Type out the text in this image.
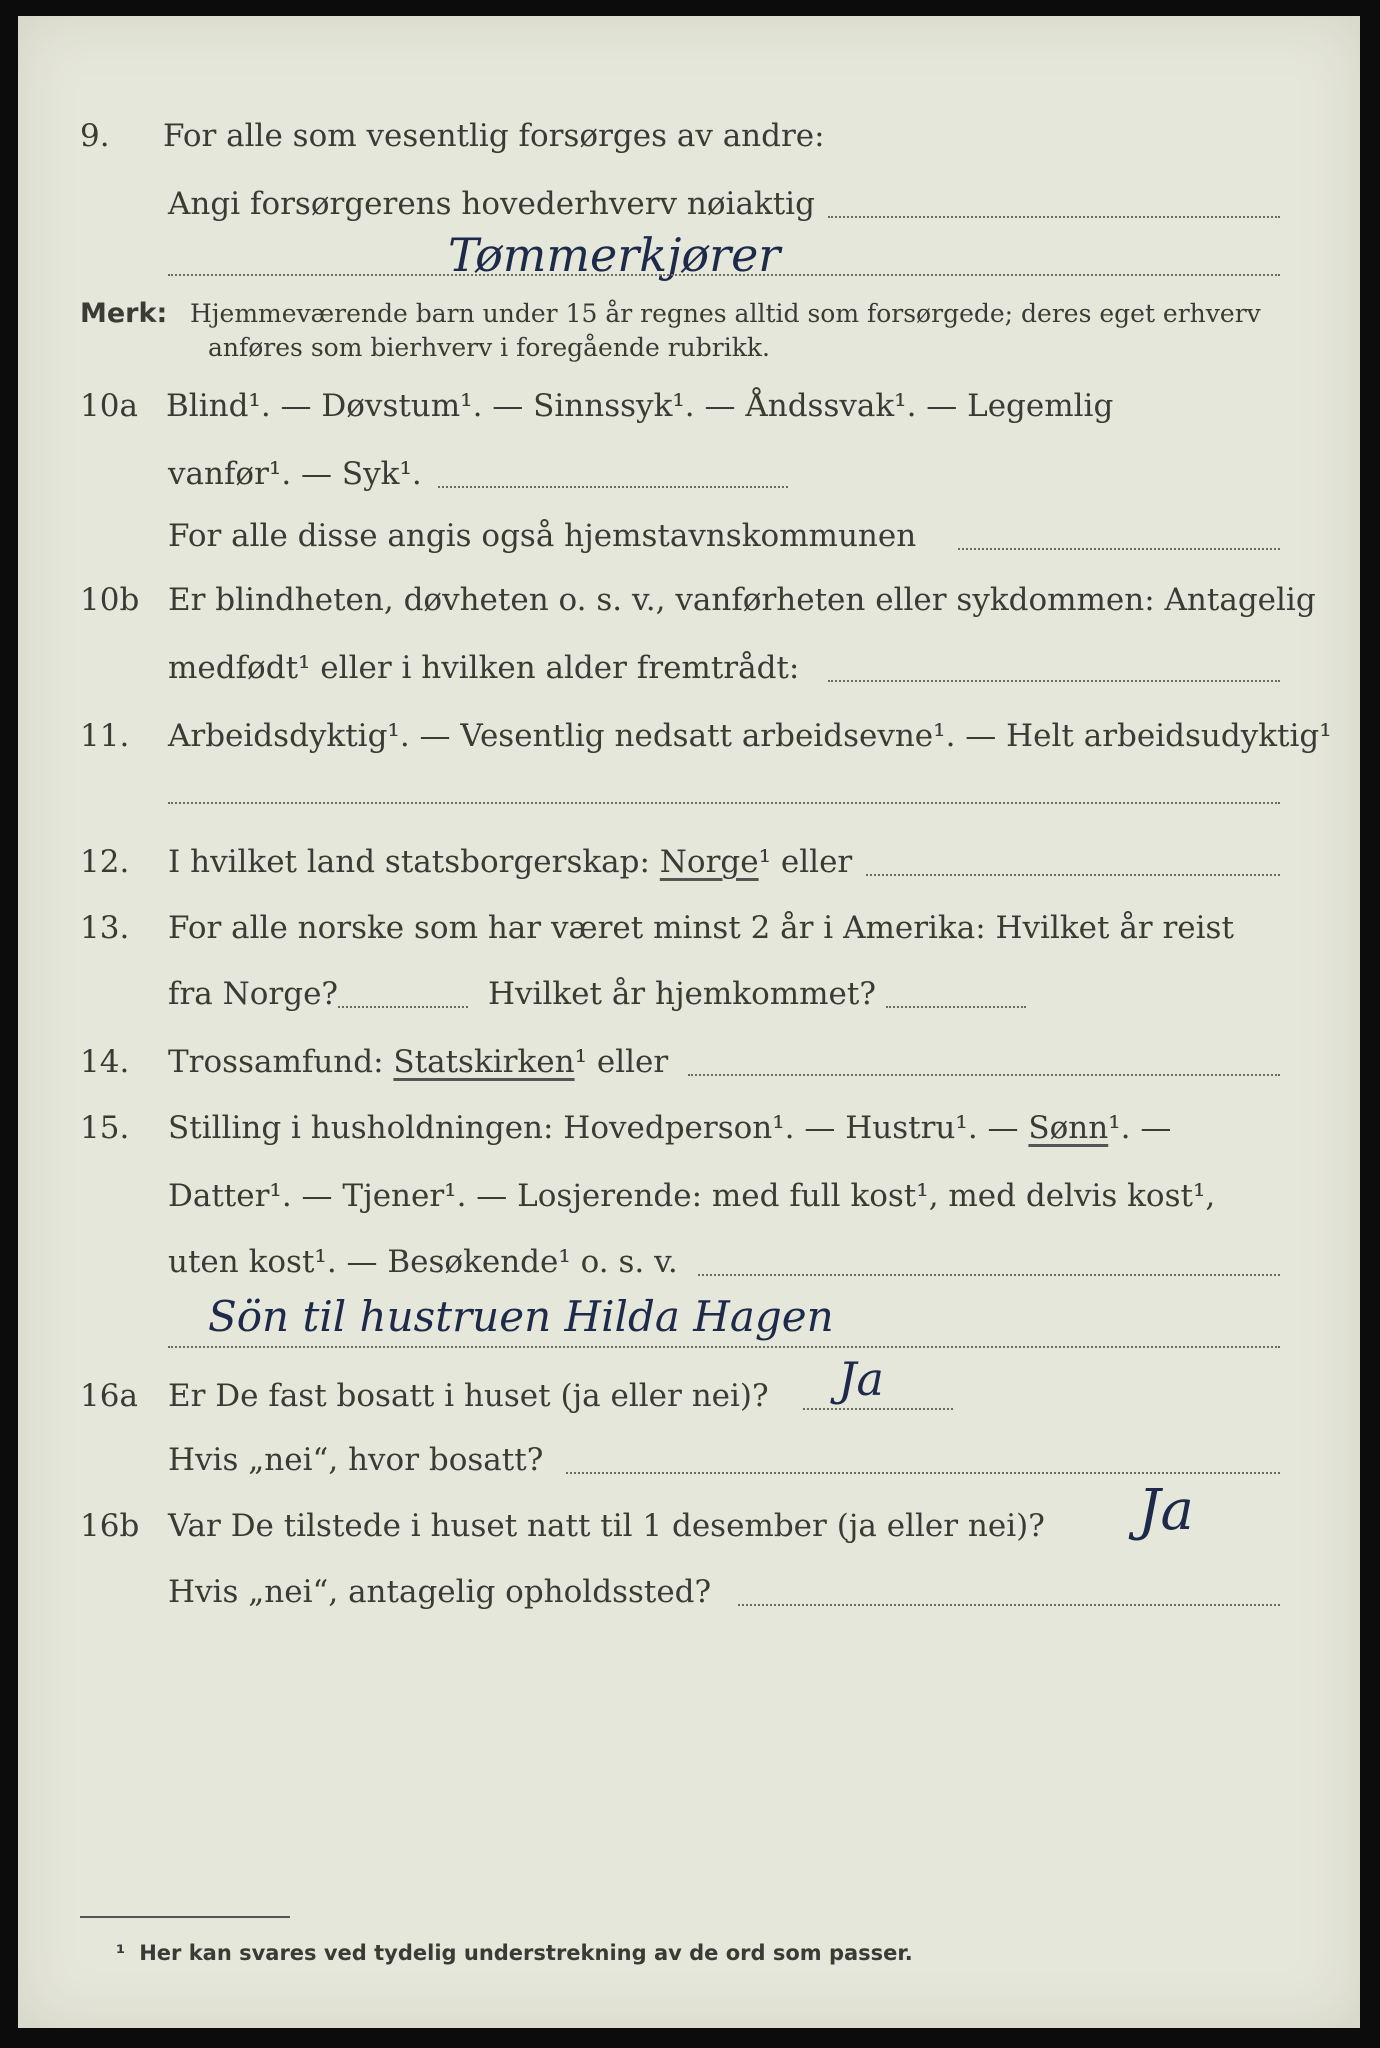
9. For alle som vesentlig forsørges av andre:
Angi forsørgerens hovederhverv nøiaktig
Tømmerkjører
Merk: Hjemmeværende barn under 15 år regnes alltid som forsørgede; deres eget erhverv
anføres som bierhverv i foregående rubrikk.
10a Blind¹. — Døvstum¹. — Sinnssyk¹. — Åndssvak¹. — Legemlig
vanfør¹. — Syk¹.
For alle disse angis også hjemstavnskommunen
10b Er blindheten, døvheten o. s. v., vanførheten eller sykdommen: Antagelig
medfødt¹ eller i hvilken alder fremtrådt:
11. Arbeidsdyktig¹. — Vesentlig nedsatt arbeidsevne¹. — Helt arbeidsudyktig¹
12. I hvilket land statsborgerskap: Norge¹ eller
13. For alle norske som har været minst 2 år i Amerika: Hvilket år reist
fra Norge?	Hvilket år hjemkommet?
14. Trossamfund: Statskirken¹ eller
15. Stilling i husholdningen: Hovedperson¹. — Hustru¹. — Sønn¹. —
Datter¹. — Tjener¹. — Losjerende: med full kost¹, med delvis kost¹,
uten kost¹. — Besøkende¹ o. s. v.
Sön til hustruen Hilda Hagen
16a Er De fast bosatt i huset (ja eller nei)? Ja
Hvis „nei“, hvor bosatt?
16b Var De tilstede i huset natt til 1 desember (ja eller nei)? Ja
Hvis „nei“, antagelig opholdssted?
¹ Her kan svares ved tydelig understrekning av de ord som passer.
